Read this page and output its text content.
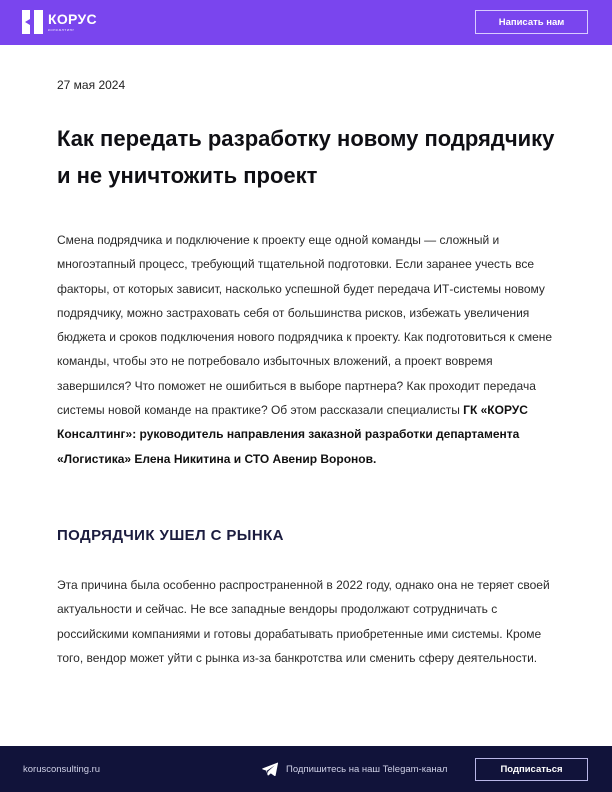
КОРУС
консалтинг
Написать нам
27 мая 2024
Как передать разработку новому подрядчику и не уничтожить проект

Смена подрядчика и подключение к проекту еще одной команды — сложный и многоэтапный процесс, требующий тщательной подготовки. Если заранее учесть все факторы, от которых зависит, насколько успешной будет передача ИТ-системы новому подрядчику, можно застраховать себя от большинства рисков, избежать увеличения бюджета и сроков подключения нового подрядчика к проекту. Как подготовиться к смене команды, чтобы это не потребовало избыточных вложений, а проект вовремя завершился? Что поможет не ошибиться в выборе партнера? Как проходит передача системы новой команде на практике? Об этом рассказали специалисты ГК «КОРУС Консалтинг»: руководитель направления заказной разработки департамента «Логистика» Елена Никитина и СТО Авенир Воронов.

ПОДРЯДЧИК УШЕЛ С РЫНКА

Эта причина была особенно распространенной в 2022 году, однако она не теряет своей актуальности и сейчас. Не все западные вендоры продолжают сотрудничать с российскими компаниями и готовы дорабатывать приобретенные ими системы. Кроме того, вендор может уйти с рынка из-за банкротства или сменить сферу деятельности.

korusconsulting.ru	Подпишитесь на наш Telegam-канал	Подписаться
